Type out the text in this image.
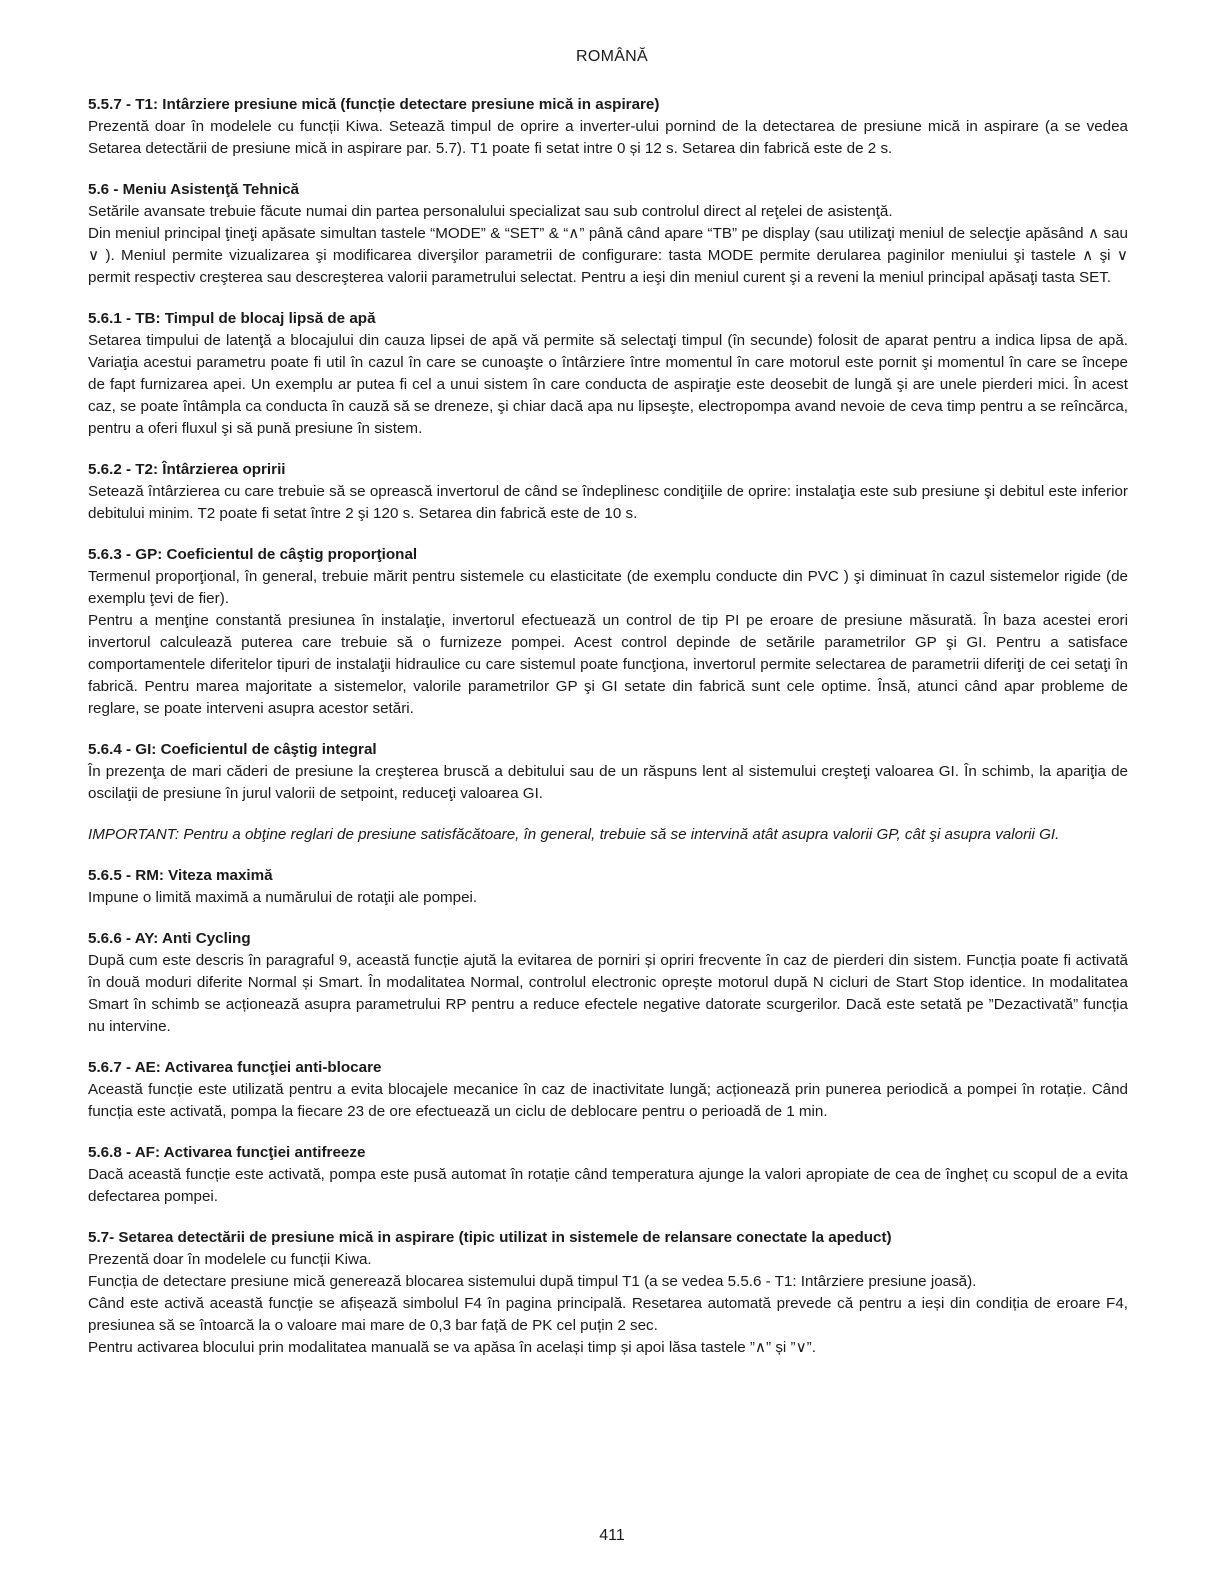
ROMÂNĂ
5.5.7 - T1: Intârziere presiune mică (funcție detectare presiune mică in aspirare)
Prezentă doar în modelele cu funcții Kiwa. Setează timpul de oprire a inverter-ului pornind de la detectarea de presiune mică in aspirare (a se vedea Setarea detectării de presiune mică in aspirare par. 5.7). T1 poate fi setat intre 0 și 12 s. Setarea din fabrică este de 2 s.
5.6 - Meniu Asistenţă Tehnică
Setările avansate trebuie făcute numai din partea personalului specializat sau sub controlul direct al reţelei de asistenţă.
Din meniul principal ţineţi apăsate simultan tastele “MODE” & “SET” & “∧” până când apare “TB” pe display (sau utilizaţi meniul de selecţie apăsând ∧ sau ∨ ). Meniul permite vizualizarea şi modificarea diverşilor parametrii de configurare: tasta MODE permite derularea paginilor meniului şi tastele ∧ şi ∨ permit respectiv creşterea sau descreşterea valorii parametrului selectat. Pentru a ieşi din meniul curent şi a reveni la meniul principal apăsaţi tasta SET.
5.6.1 - TB: Timpul de blocaj lipsă de apă
Setarea timpului de latenţă a blocajului din cauza lipsei de apă vă permite să selectaţi timpul (în secunde) folosit de aparat pentru a indica lipsa de apă. Variaţia acestui parametru poate fi util în cazul în care se cunoaşte o întârziere între momentul în care motorul este pornit şi momentul în care se începe de fapt furnizarea apei. Un exemplu ar putea fi cel a unui sistem în care conducta de aspiraţie este deosebit de lungă şi are unele pierderi mici. În acest caz, se poate întâmpla ca conducta în cauză să se dreneze, şi chiar dacă apa nu lipseşte, electropompa avand nevoie de ceva timp pentru a se reîncărca, pentru a oferi fluxul şi să pună presiune în sistem.
5.6.2 - T2: Întârzierea opririi
Setează întârzierea cu care trebuie să se oprească invertorul de când se îndeplinesc condiţiile de oprire: instalaţia este sub presiune şi debitul este inferior debitului minim. T2 poate fi setat între 2 şi 120 s. Setarea din fabrică este de 10 s.
5.6.3 - GP: Coeficientul de câştig proporţional
Termenul proporţional, în general, trebuie mărit pentru sistemele cu elasticitate (de exemplu conducte din PVC ) şi diminuat în cazul sistemelor rigide (de exemplu ţevi de fier).
Pentru a menţine constantă presiunea în instalaţie, invertorul efectuează un control de tip PI pe eroare de presiune măsurată. În baza acestei erori invertorul calculează puterea care trebuie să o furnizeze pompei. Acest control depinde de setările parametrilor GP şi GI. Pentru a satisface comportamentele diferitelor tipuri de instalaţii hidraulice cu care sistemul poate funcţiona, invertorul permite selectarea de parametrii diferiţi de cei setaţi în fabrică. Pentru marea majoritate a sistemelor, valorile parametrilor GP şi GI setate din fabrică sunt cele optime. Însă, atunci când apar probleme de reglare, se poate interveni asupra acestor setări.
5.6.4 - GI: Coeficientul de câştig integral
În prezenţa de mari căderi de presiune la creşterea bruscă a debitului sau de un răspuns lent al sistemului creşteţi valoarea GI. În schimb, la apariţia de oscilaţii de presiune în jurul valorii de setpoint, reduceţi valoarea GI.
IMPORTANT: Pentru a obţine reglari de presiune satisfăcătoare, în general, trebuie să se intervină atât asupra valorii GP, cât şi asupra valorii GI.
5.6.5 - RM: Viteza maximă
Impune o limită maximă a numărului de rotaţii ale pompei.
5.6.6 - AY: Anti Cycling
După cum este descris în paragraful 9, această funcție ajută la evitarea de porniri și opriri frecvente în caz de pierderi din sistem. Funcția poate fi activată în două moduri diferite Normal și Smart. În modalitatea Normal, controlul electronic oprește motorul după N cicluri de Start Stop identice. In modalitatea Smart în schimb se acționează asupra parametrului RP pentru a reduce efectele negative datorate scurgerilor. Dacă este setată pe ”Dezactivată” funcția nu intervine.
5.6.7 - AE: Activarea funcţiei anti-blocare
Această funcție este utilizată pentru a evita blocajele mecanice în caz de inactivitate lungă; acționează prin punerea periodică a pompei în rotație. Când funcția este activată, pompa la fiecare 23 de ore efectuează un ciclu de deblocare pentru o perioadă de 1 min.
5.6.8 - AF: Activarea funcţiei antifreeze
Dacă această funcție este activată, pompa este pusă automat în rotație când temperatura ajunge la valori apropiate de cea de îngheț cu scopul de a evita defectarea pompei.
5.7- Setarea detectării de presiune mică in aspirare (tipic utilizat in sistemele de relansare conectate la apeduct)
Prezentă doar în modelele cu funcții Kiwa.
Funcția de detectare presiune mică generează blocarea sistemului după timpul T1 (a se vedea 5.5.6 - T1: Intârziere presiune joasă).
Când este activă această funcție se afișează simbolul F4 în pagina principală. Resetarea automată prevede că pentru a ieși din condiția de eroare F4, presiunea să se întoarcă la o valoare mai mare de 0,3 bar față de PK cel puțin 2 sec.
Pentru activarea blocului prin modalitatea manuală se va apăsa în același timp și apoi lăsa tastele ”∧” și ”∨”.
411
